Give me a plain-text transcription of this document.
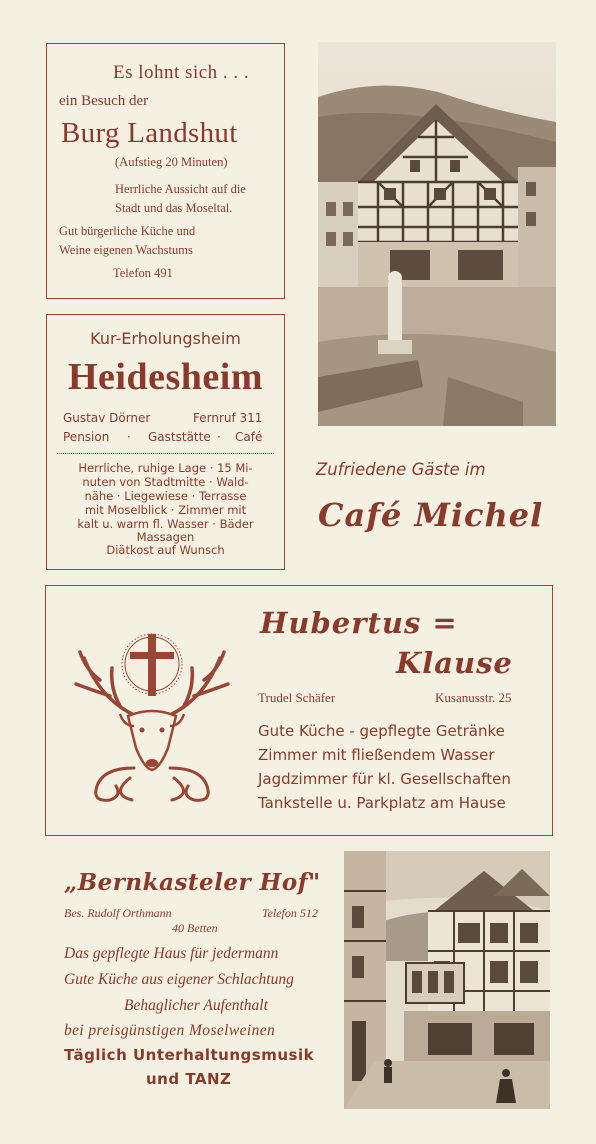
Es lohnt sich . . .
ein Besuch der
Burg Landshut
(Aufstieg 20 Minuten)
Herrliche Aussicht auf die
Stadt und das Moseltal.
Gut bürgerliche Küche und
Weine eigenen Wachstums
Telefon 491
Kur-Erholungsheim
Heidesheim
Gustav Dörner	Fernruf 311
Pension · Gaststätte · Café
Herrliche, ruhige Lage · 15 Mi-
nuten von Stadtmitte · Wald-
nähe · Liegewiese · Terrasse
mit Moselblick · Zimmer mit
kalt u. warm fl. Wasser · Bäder
Massagen
Diätkost auf Wunsch
Zufriedene Gäste im
Café Michel
Hubertus =
Klause
Trudel Schäfer	Kusanusstr. 25
Gute Küche - gepflegte Getränke
Zimmer mit fließendem Wasser
Jagdzimmer für kl. Gesellschaften
Tankstelle u. Parkplatz am Hause
„Bernkasteler Hof"
Bes. Rudolf Orthmann	Telefon 512
40 Betten
Das gepflegte Haus für jedermann
Gute Küche aus eigener Schlachtung
Behaglicher Aufenthalt
bei preisgünstigen Moselweinen
Täglich Unterhaltungsmusik
und TANZ
